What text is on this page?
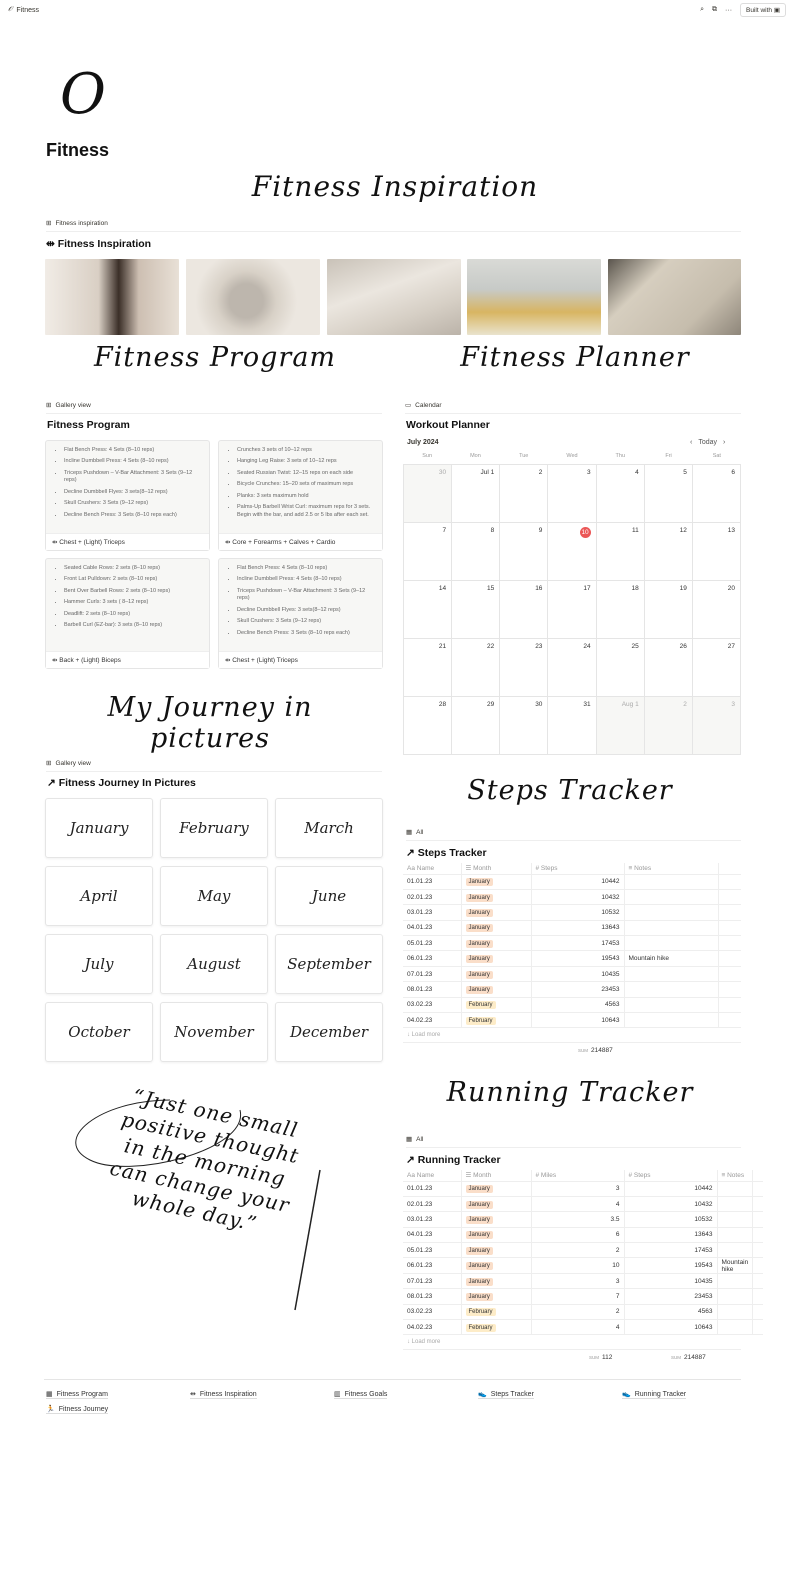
𝒪 Fitness	⌕ ⧉ ···	Built with ▣
O
Fitness
Fitness Inspiration
⊞ Fitness inspiration
⇹ Fitness Inspiration
Fitness Program	Fitness Planner
⊞ Gallery view
Fitness Program
• Flat Bench Press: 4 Sets (8–10 reps)
• Incline Dumbbell Press: 4 Sets (8–10 reps)
• Triceps Pushdown – V-Bar Attachment: 3 Sets (9–12 reps)
• Decline Dumbbell Flyes: 3 sets(8–12 reps)
• Skull Crushers: 3 Sets (9–12 reps)
• Decline Bench Press: 3 Sets (8–10 reps each)
⇹ Chest + (Light) Triceps
• Crunches 3 sets of 10–12 reps
• Hanging Leg Raise: 3 sets of 10–12 reps
• Seated Russian Twist: 12–15 reps on each side
• Bicycle Crunches: 15–20 sets of maximum reps
• Planks: 3 sets maximum hold
• Palms-Up Barbell Wrist Curl: maximum reps for 3 sets. Begin with the bar, and add 2.5 or 5 lbs after each set.
⇹ Core + Forearms + Calves + Cardio
• Seated Cable Rows: 2 sets (8–10 reps)
• Front Lat Pulldown: 2 sets (8–10 reps)
• Bent Over Barbell Rows: 2 sets (8–10 reps)
• Hammer Curls: 3 sets ( 8–12 reps)
• Deadlift: 2 sets (8–10 reps)
• Barbell Curl (EZ-bar): 3 sets (8–10 reps)
⇹ Back + (Light) Biceps
• Flat Bench Press: 4 Sets (8–10 reps)
• Incline Dumbbell Press: 4 Sets (8–10 reps)
• Triceps Pushdown – V-Bar Attachment: 3 Sets (9–12 reps)
• Decline Dumbbell Flyes: 3 sets(8–12 reps)
• Skull Crushers: 3 Sets (9–12 reps)
• Decline Bench Press: 3 Sets (8–10 reps each)
⇹ Chest + (Light) Triceps
▭ Calendar
Workout Planner
July 2024	‹ Today ›
Sun	Mon	Tue	Wed	Thu	Fri	Sat
30	Jul 1	2	3	4	5	6
7	8	9	10	11	12	13
14	15	16	17	18	19	20
21	22	23	24	25	26	27
28	29	30	31	Aug 1	2	3
My Journey in pictures
⊞ Gallery view
↗ Fitness Journey In Pictures
January	February	March
April	May	June
July	August	September
October	November	December
“Just one small positive thought in the morning can change your whole day.”
Steps Tracker
▦ All
↗ Steps Tracker
Aa Name	☰ Month	# Steps	≡ Notes	
01.01.23	January	10442		
02.01.23	January	10432		
03.01.23	January	10532		
04.01.23	January	13643		
05.01.23	January	17453		
06.01.23	January	19543	Mountain hike	
07.01.23	January	10435		
08.01.23	January	23453		
03.02.23	February	4563		
04.02.23	February	10643		
↓ Load more
SUM 214887
Running Tracker
▦ All
↗ Running Tracker
Aa Name	☰ Month	# Miles	# Steps	≡ Notes	
01.01.23	January	3	10442		
02.01.23	January	4	10432		
03.01.23	January	3.5	10532		
04.01.23	January	6	13643		
05.01.23	January	2	17453		
06.01.23	January	10	19543	Mountain hike	
07.01.23	January	3	10435		
08.01.23	January	7	23453		
03.02.23	February	2	4563		
04.02.23	February	4	10643		
↓ Load more
SUM 112	SUM 214887
▦ Fitness Program	⇹ Fitness Inspiration	▥ Fitness Goals	👟 Steps Tracker	👟 Running Tracker
🏃 Fitness Journey
